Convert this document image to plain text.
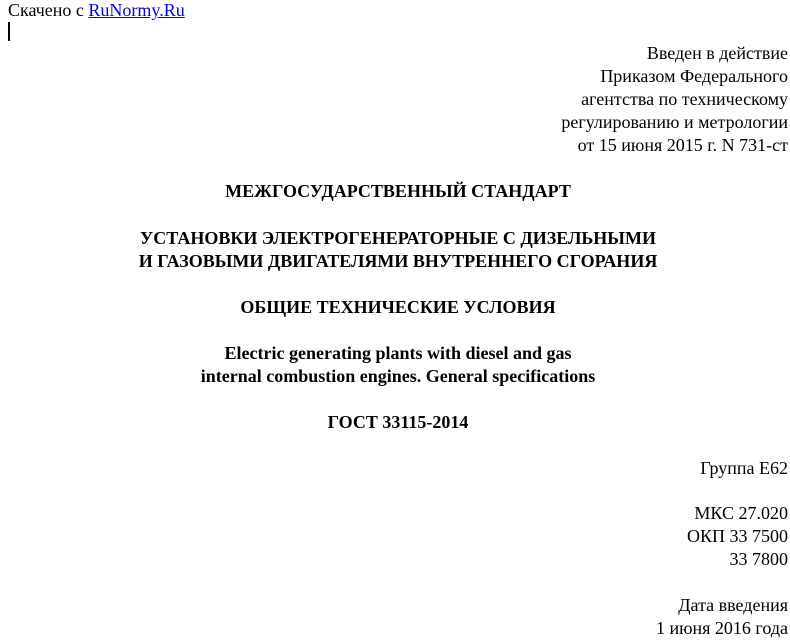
Скачено с RuNormy.Ru
Введен в действие
Приказом Федерального
агентства по техническому
регулированию и метрологии
от 15 июня 2015 г. N 731-ст
МЕЖГОСУДАРСТВЕННЫЙ СТАНДАРТ
УСТАНОВКИ ЭЛЕКТРОГЕНЕРАТОРНЫЕ С ДИЗЕЛЬНЫМИ
И ГАЗОВЫМИ ДВИГАТЕЛЯМИ ВНУТРЕННЕГО СГОРАНИЯ
ОБЩИЕ ТЕХНИЧЕСКИЕ УСЛОВИЯ
Electric generating plants with diesel and gas
internal combustion engines. General specifications
ГОСТ 33115-2014
Группа Е62
МКС 27.020
ОКП 33 7500
33 7800
Дата введения
1 июня 2016 года
